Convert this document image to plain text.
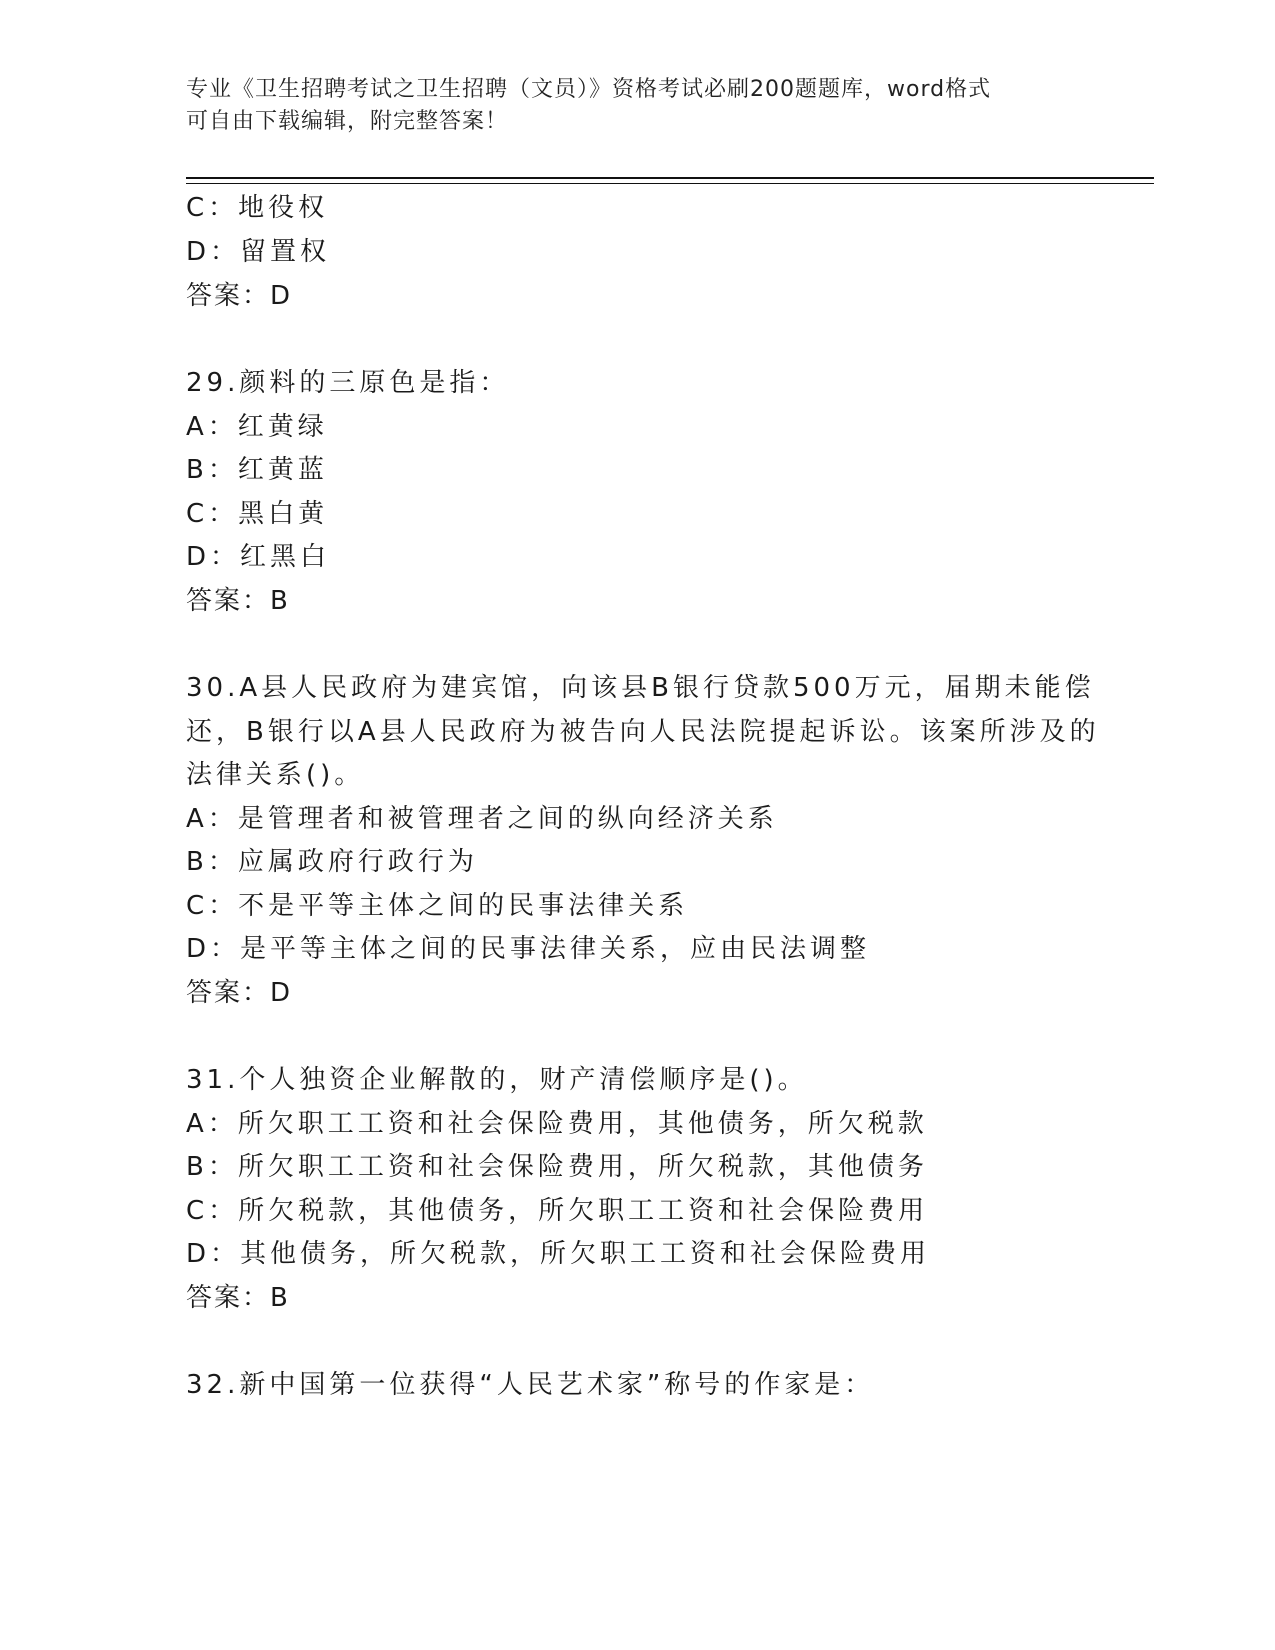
专业《卫生招聘考试之卫生招聘（文员）》资格考试必刷200题题库，word格式
可自由下载编辑，附完整答案！
C：地役权
D：留置权
答案：D
29.颜料的三原色是指：
A：红黄绿
B：红黄蓝
C：黑白黄
D：红黑白
答案：B
30.A县人民政府为建宾馆，向该县B银行贷款500万元，届期未能偿
还，B银行以A县人民政府为被告向人民法院提起诉讼。该案所涉及的
法律关系()。
A：是管理者和被管理者之间的纵向经济关系
B：应属政府行政行为
C：不是平等主体之间的民事法律关系
D：是平等主体之间的民事法律关系，应由民法调整
答案：D
31.个人独资企业解散的，财产清偿顺序是()。
A：所欠职工工资和社会保险费用，其他债务，所欠税款
B：所欠职工工资和社会保险费用，所欠税款，其他债务
C：所欠税款，其他债务，所欠职工工资和社会保险费用
D：其他债务，所欠税款，所欠职工工资和社会保险费用
答案：B
32.新中国第一位获得“人民艺术家”称号的作家是：
